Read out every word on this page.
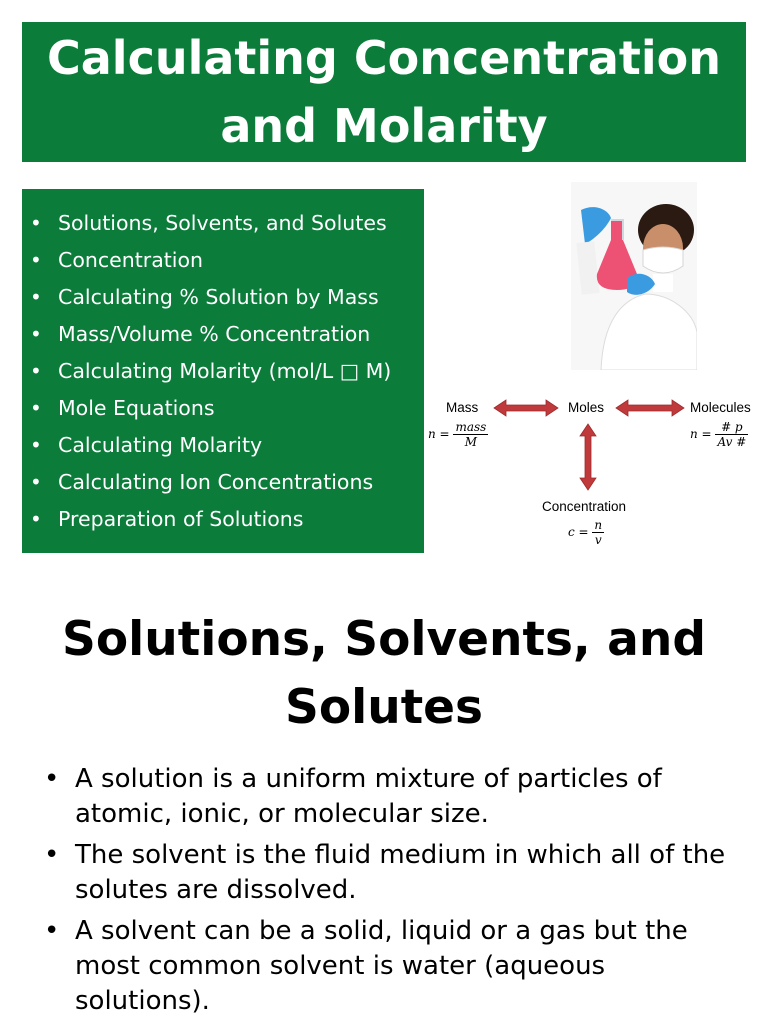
Calculating Concentration
and Molarity
• Solutions, Solvents, and Solutes
• Concentration
• Calculating % Solution by Mass
• Mass/Volume % Concentration
• Calculating Molarity (mol/L □ M)
• Mole Equations
• Calculating Molarity
• Calculating Ion Concentrations
• Preparation of Solutions
Mass	Moles	Molecules
Concentration
$n = \frac{\text{mass}}{M}$	$n = \frac{\# p}{Av \#}$
$c = \frac{n}{v}$
Solutions, Solvents, and
Solutes
• A solution is a uniform mixture of particles of atomic, ionic, or molecular size.
• The solvent is the fluid medium in which all of the solutes are dissolved.
• A solvent can be a solid, liquid or a gas but the most common solvent is water (aqueous solutions).
